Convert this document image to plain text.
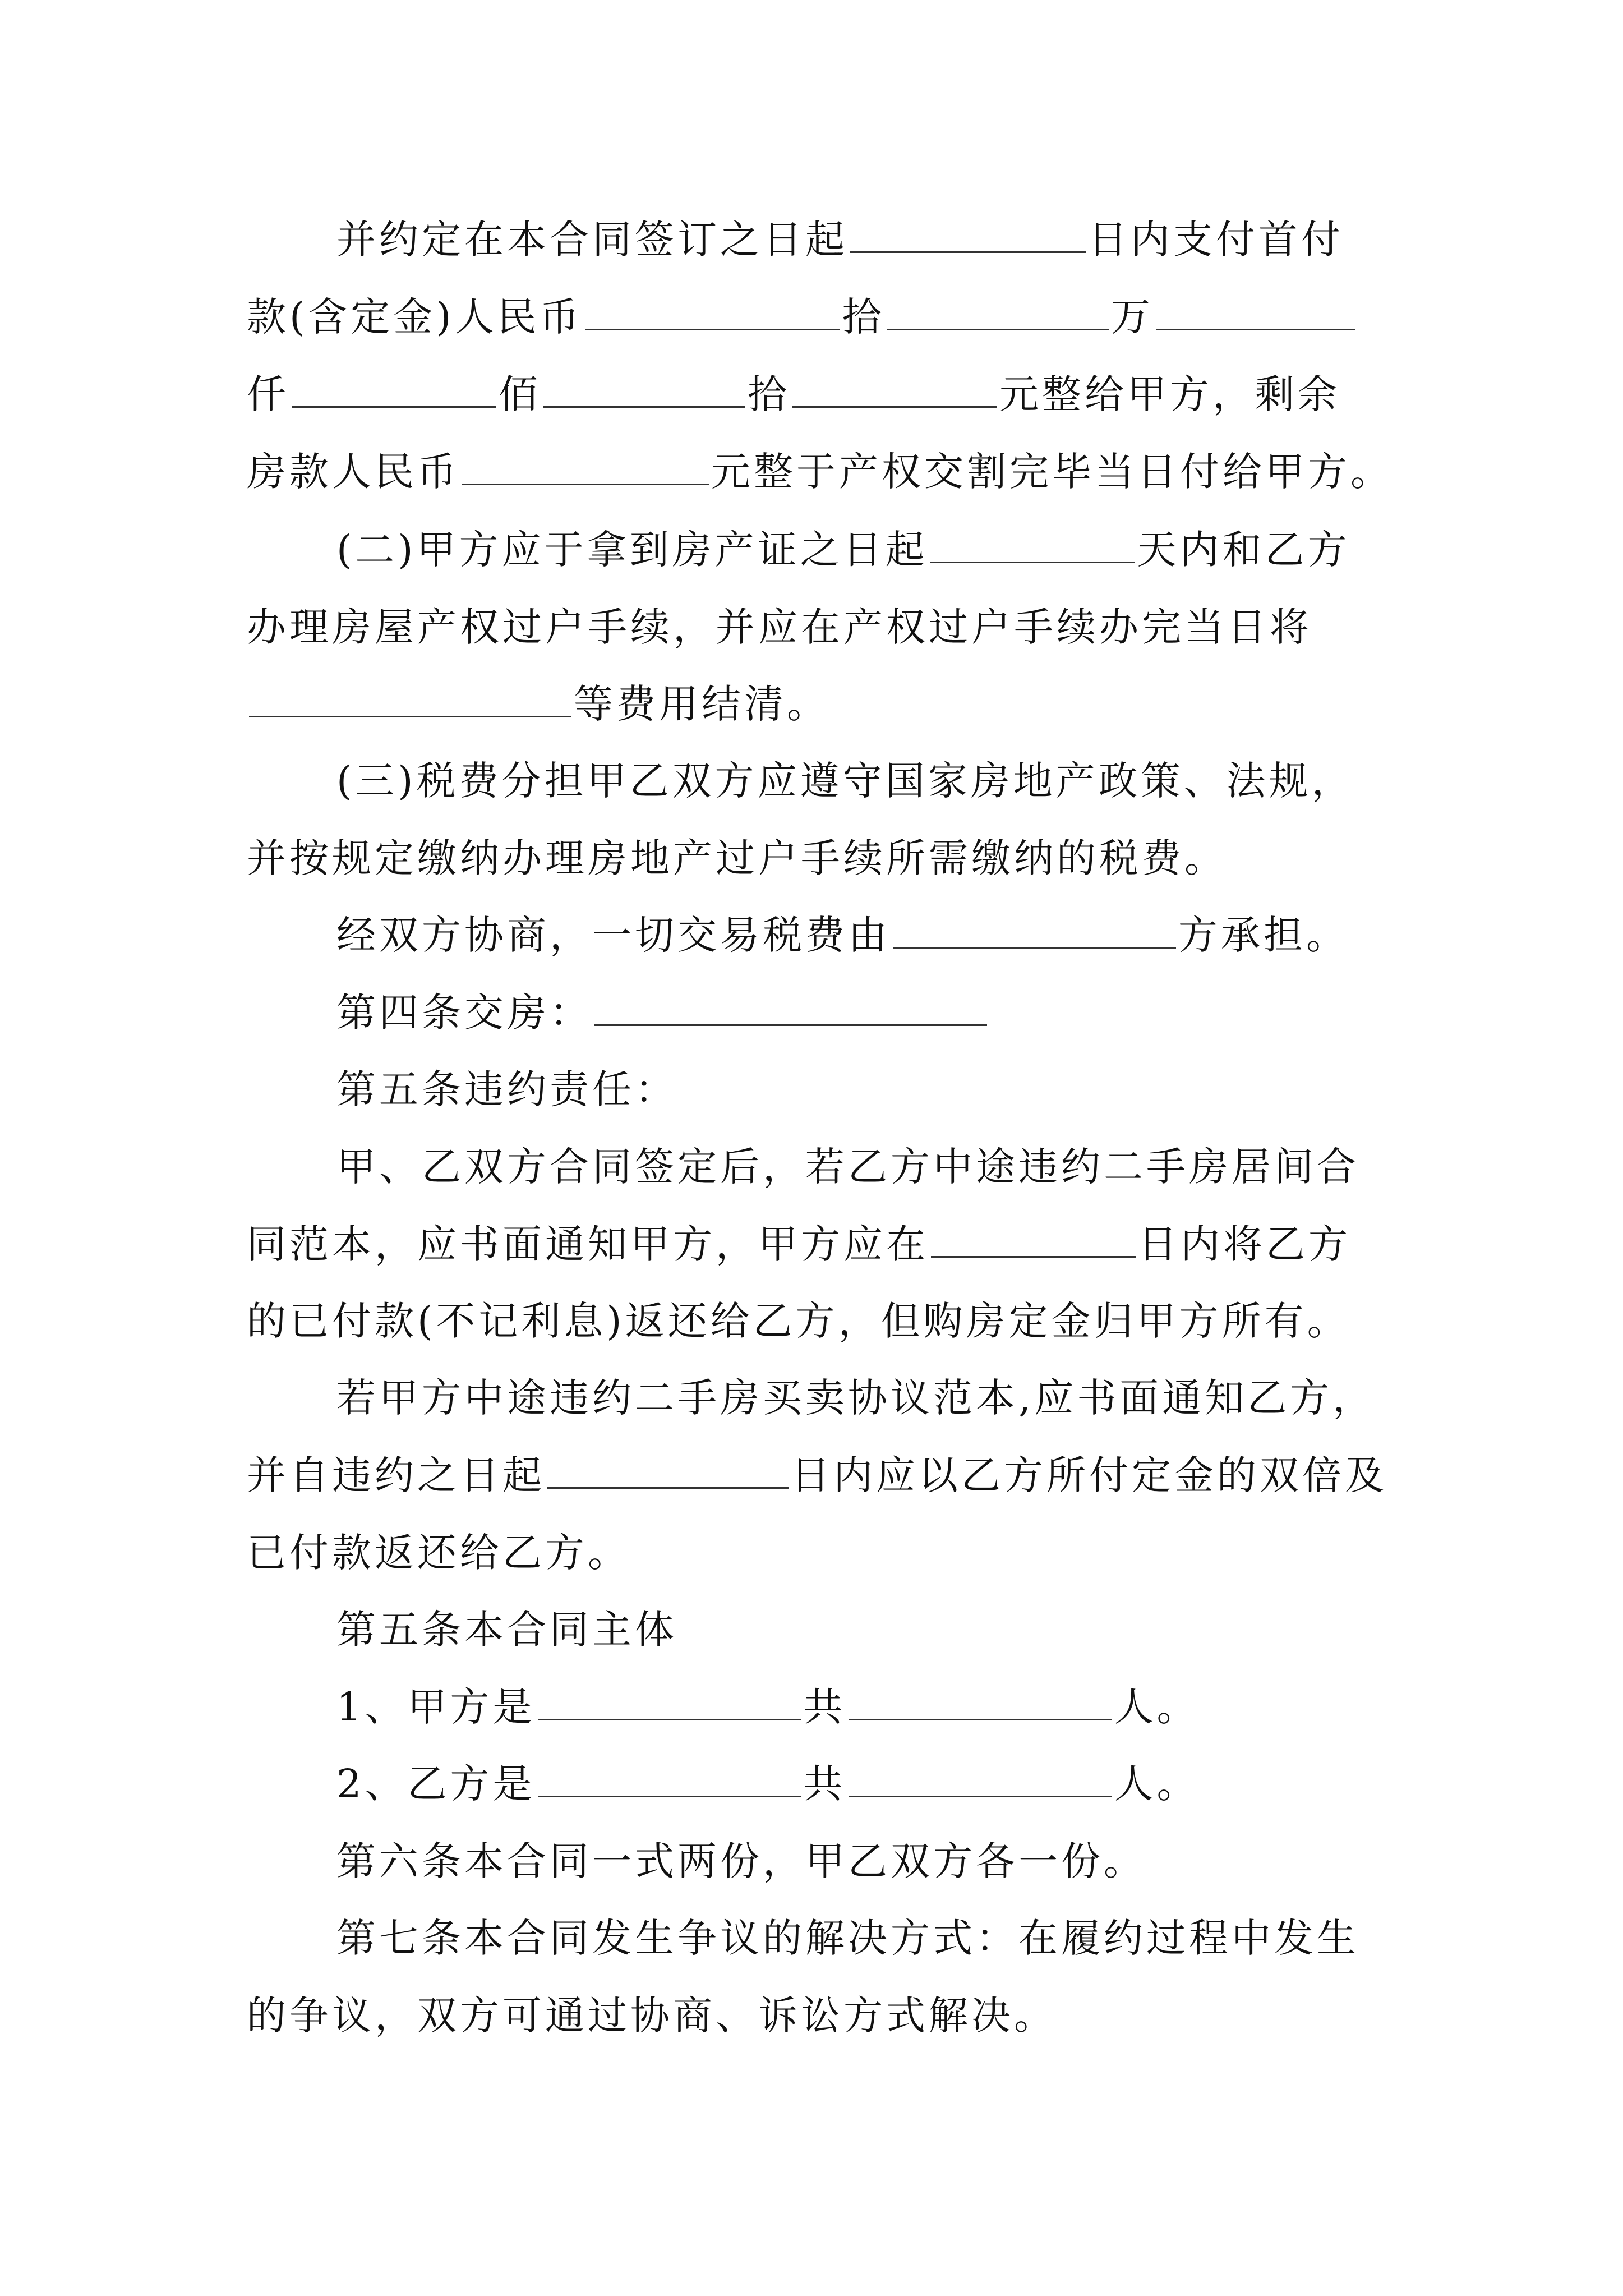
并约定在本合同签订之日起	日内支付首付
款(含定金)人民币	拾	万
仟	佰	拾	元整给甲方，剩余
房款人民币	元整于产权交割完毕当日付给甲方。
(二)甲方应于拿到房产证之日起	天内和乙方
办理房屋产权过户手续，并应在产权过户手续办完当日将
等费用结清。
(三)税费分担甲乙双方应遵守国家房地产政策、法规，
并按规定缴纳办理房地产过户手续所需缴纳的税费。
经双方协商，一切交易税费由	方承担。
第四条交房：
第五条违约责任：
甲、乙双方合同签定后，若乙方中途违约二手房居间合
同范本，应书面通知甲方，甲方应在	日内将乙方
的已付款(不记利息)返还给乙方，但购房定金归甲方所有。
若甲方中途违约二手房买卖协议范本,应书面通知乙方，
并自违约之日起	日内应以乙方所付定金的双倍及
已付款返还给乙方。
第五条本合同主体
1、甲方是	共	人。
2、乙方是	共	人。
第六条本合同一式两份，甲乙双方各一份。
第七条本合同发生争议的解决方式：在履约过程中发生
的争议，双方可通过协商、诉讼方式解决。
